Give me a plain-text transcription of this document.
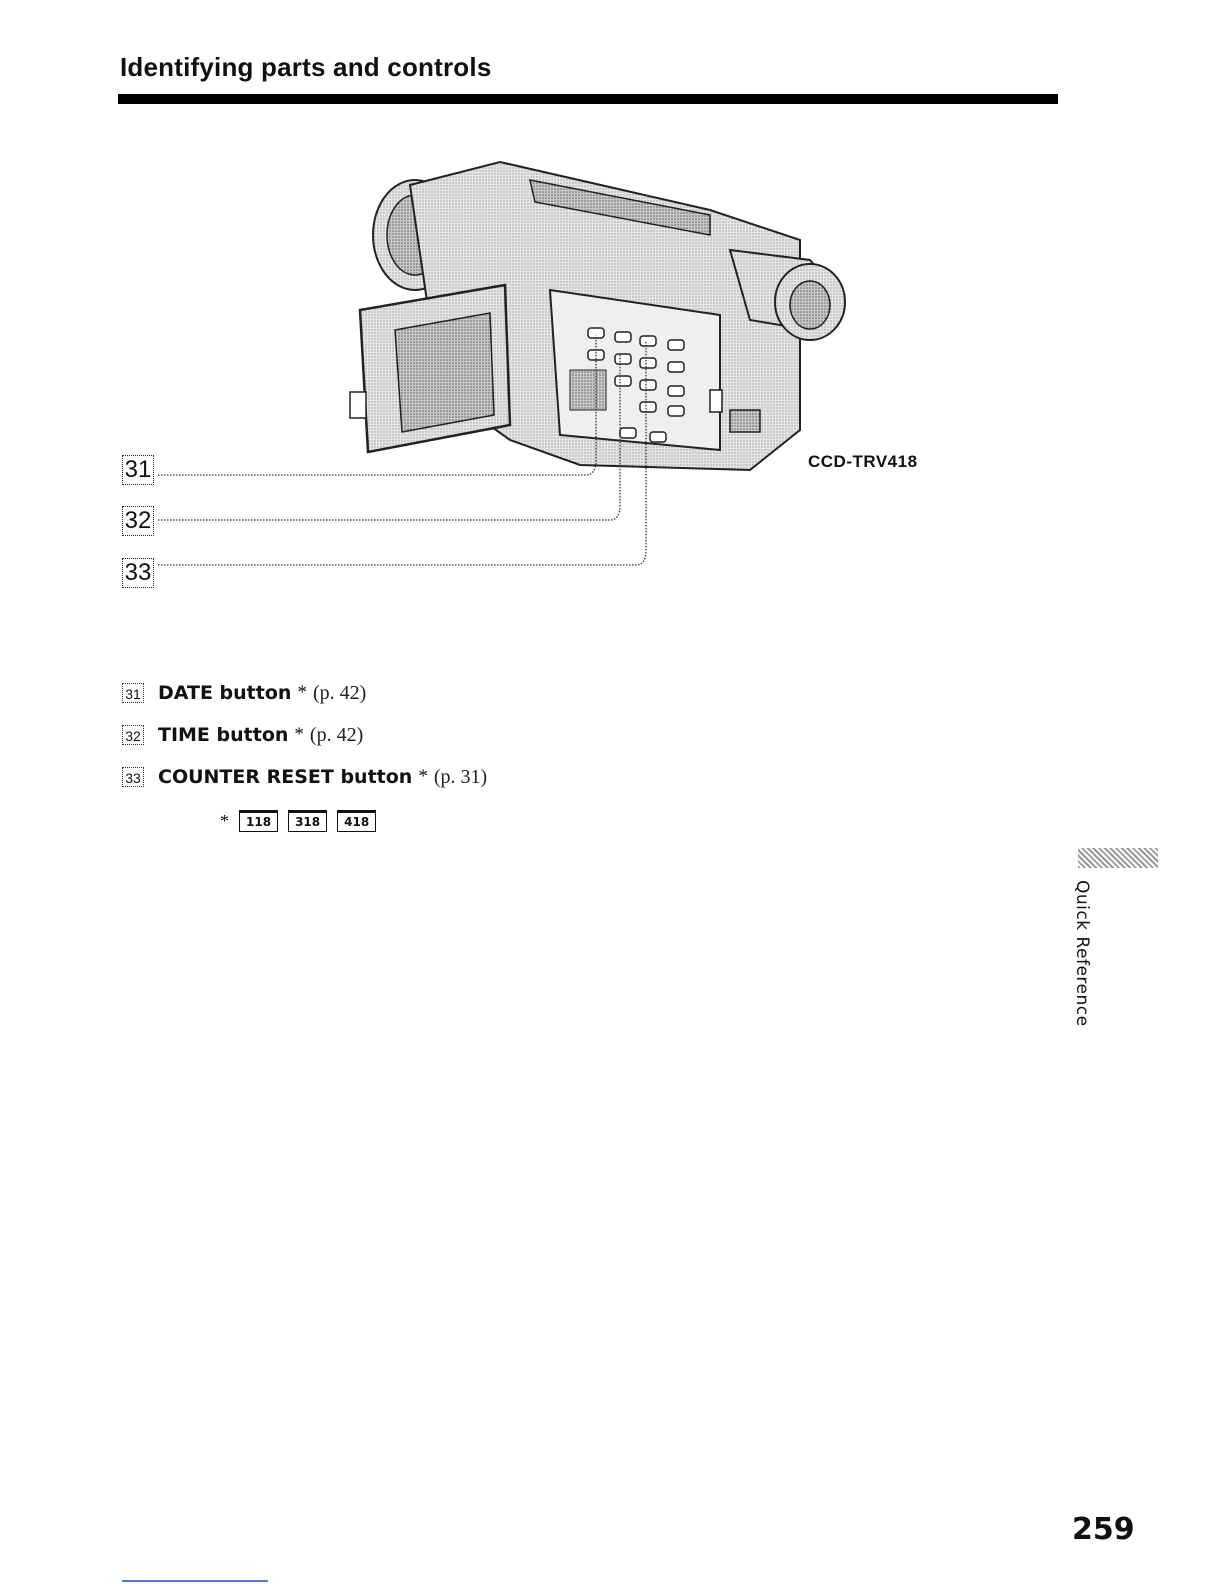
Identifying parts and controls
CCD-TRV418
31
32
33
31 DATE button * (p. 42)
32 TIME button * (p. 42)
33 COUNTER RESET button * (p. 31)
*	118	318	418
Quick Reference
259
